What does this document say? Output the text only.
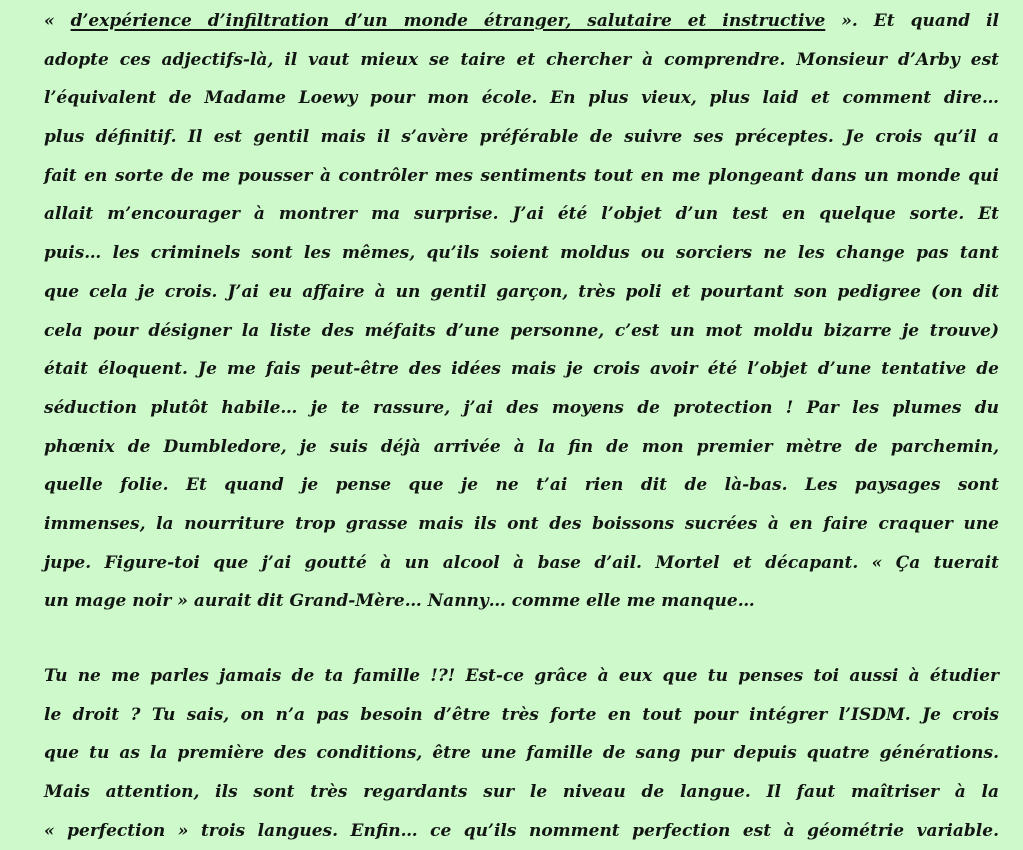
« d’expérience d’infiltration d’un monde étranger, salutaire et instructive ». Et quand il
adopte ces adjectifs-là, il vaut mieux se taire et chercher à comprendre. Monsieur d’Arby est
l’équivalent de Madame Loewy pour mon école. En plus vieux, plus laid et comment dire…
plus définitif. Il est gentil mais il s’avère préférable de suivre ses préceptes. Je crois qu’il a
fait en sorte de me pousser à contrôler mes sentiments tout en me plongeant dans un monde qui
allait m’encourager à montrer ma surprise. J’ai été l’objet d’un test en quelque sorte. Et
puis… les criminels sont les mêmes, qu’ils soient moldus ou sorciers ne les change pas tant
que cela je crois. J’ai eu affaire à un gentil garçon, très poli et pourtant son pedigree (on dit
cela pour désigner la liste des méfaits d’une personne, c’est un mot moldu bizarre je trouve)
était éloquent. Je me fais peut-être des idées mais je crois avoir été l’objet d’une tentative de
séduction plutôt habile… je te rassure, j’ai des moyens de protection ! Par les plumes du
phœnix de Dumbledore, je suis déjà arrivée à la fin de mon premier mètre de parchemin,
quelle folie. Et quand je pense que je ne t’ai rien dit de là-bas. Les paysages sont
immenses, la nourriture trop grasse mais ils ont des boissons sucrées à en faire craquer une
jupe. Figure-toi que j’ai goutté à un alcool à base d’ail. Mortel et décapant. « Ça tuerait
un mage noir » aurait dit Grand-Mère… Nanny… comme elle me manque…
Tu ne me parles jamais de ta famille !?! Est-ce grâce à eux que tu penses toi aussi à étudier
le droit ? Tu sais, on n’a pas besoin d’être très forte en tout pour intégrer l’ISDM. Je crois
que tu as la première des conditions, être une famille de sang pur depuis quatre générations.
Mais attention, ils sont très regardants sur le niveau de langue. Il faut maîtriser à la
« perfection » trois langues. Enfin… ce qu’ils nomment perfection est à géométrie variable.
